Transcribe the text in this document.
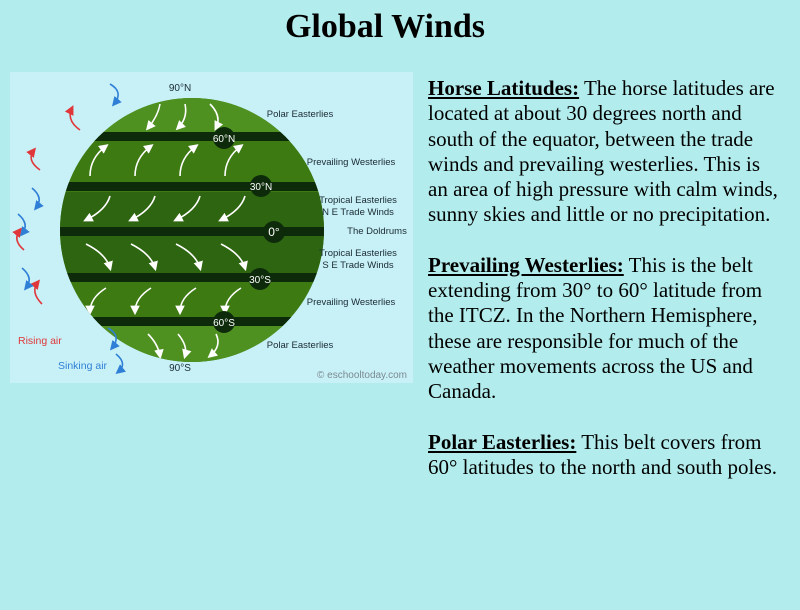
Global Winds
60°N
30°N
0°
30°S
60°S
90°N
90°S
Polar Easterlies
Prevailing Westerlies
Tropical Easterlies
N E Trade Winds
The Doldrums
Tropical Easterlies
S E Trade Winds
Prevailing Westerlies
Polar Easterlies
Rising air
Sinking air
© eschooltoday.com
Horse Latitudes: The horse latitudes are located at about 30 degrees north and south of the equator, between the trade winds and prevailing westerlies. This is an area of high pressure with calm winds, sunny skies and little or no precipitation.
Prevailing Westerlies: This is the belt extending from 30° to 60° latitude from the ITCZ. In the Northern Hemisphere, these are responsible for much of the weather movements across the US and Canada.
Polar Easterlies: This belt covers from 60° latitudes to the north and south poles.
